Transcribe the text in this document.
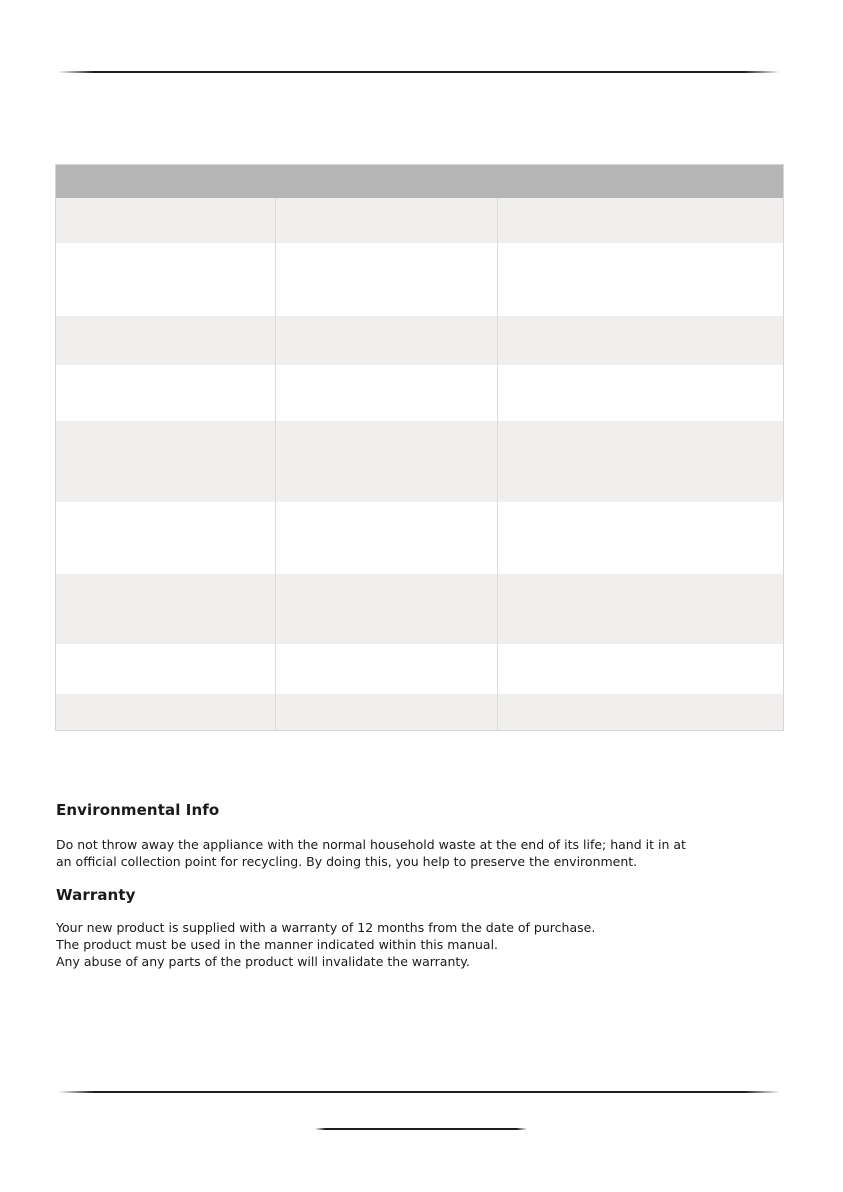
Environmental Info

Do not throw away the appliance with the normal household waste at the end of its life; hand it in at
an official collection point for recycling. By doing this, you help to preserve the environment.

Warranty

Your new product is supplied with a warranty of 12 months from the date of purchase.
The product must be used in the manner indicated within this manual.
Any abuse of any parts of the product will invalidate the warranty.
